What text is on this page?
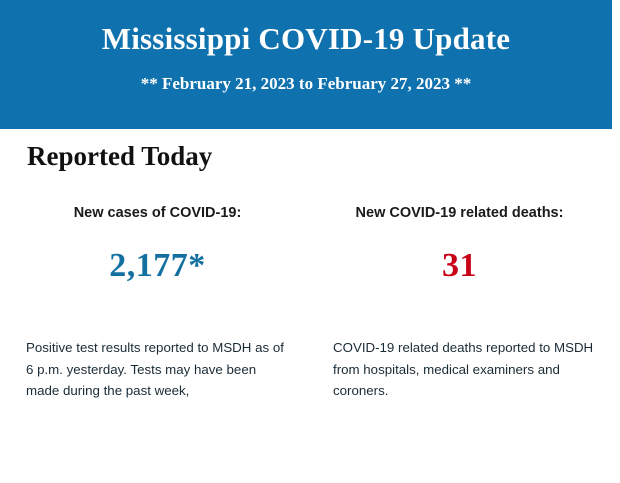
Mississippi COVID-19 Update

** February 21, 2023 to February 27, 2023 **

Reported Today
New cases of COVID-19:
2,177*
Positive test results reported to MSDH as of 6 p.m. yesterday. Tests may have been made during the past week,
New COVID-19 related deaths:
31
COVID-19 related deaths reported to MSDH from hospitals, medical examiners and coroners.
